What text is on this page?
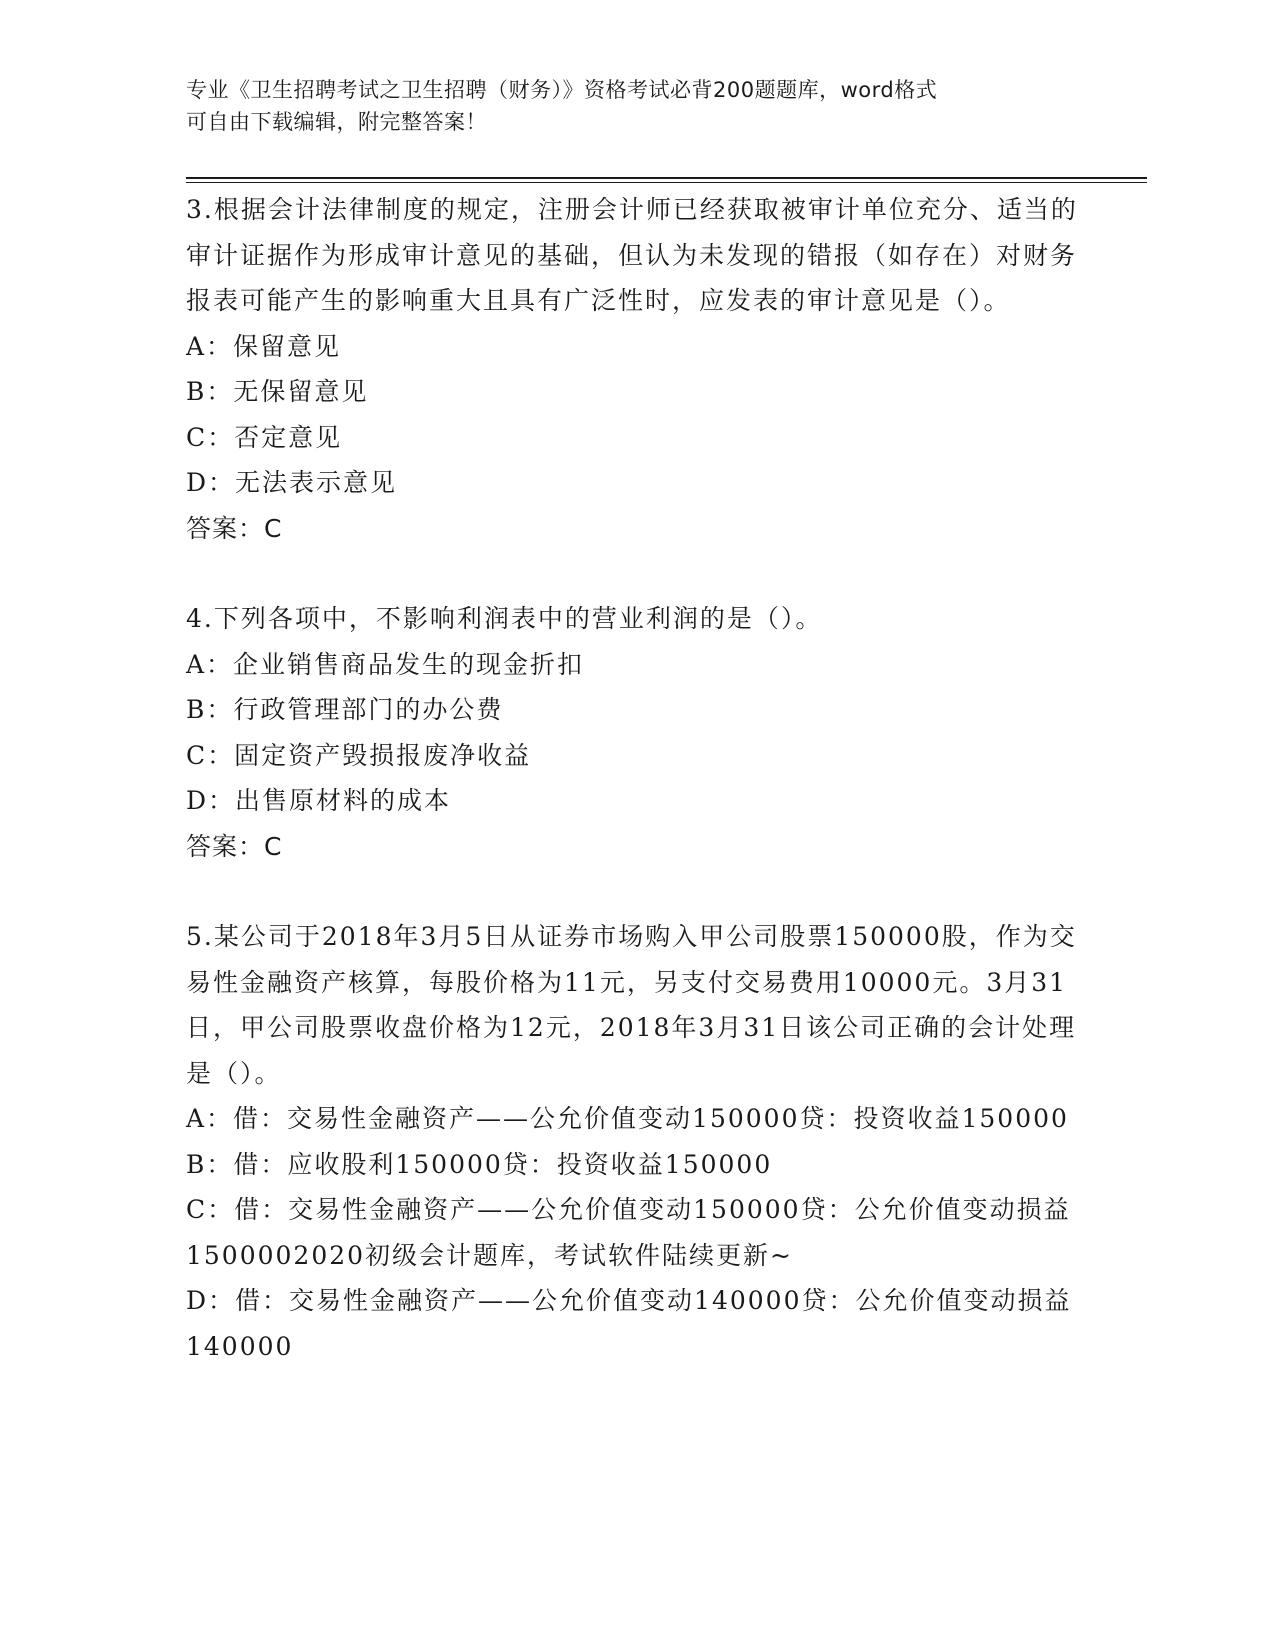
专业《卫生招聘考试之卫生招聘（财务）》资格考试必背200题题库，word格式
可自由下载编辑，附完整答案！
3.根据会计法律制度的规定，注册会计师已经获取被审计单位充分、适当的审计证据作为形成审计意见的基础，但认为未发现的错报（如存在）对财务报表可能产生的影响重大且具有广泛性时，应发表的审计意见是（）。
A：保留意见
B：无保留意见
C：否定意见
D：无法表示意见
答案：C
4.下列各项中，不影响利润表中的营业利润的是（）。
A：企业销售商品发生的现金折扣
B：行政管理部门的办公费
C：固定资产毁损报废净收益
D：出售原材料的成本
答案：C
5.某公司于2018年3月5日从证券市场购入甲公司股票150000股，作为交易性金融资产核算，每股价格为11元，另支付交易费用10000元。3月31日，甲公司股票收盘价格为12元，2018年3月31日该公司正确的会计处理是（）。
A：借：交易性金融资产——公允价值变动150000贷：投资收益150000
B：借：应收股利150000贷：投资收益150000
C：借：交易性金融资产——公允价值变动150000贷：公允价值变动损益1500002020初级会计题库，考试软件陆续更新~
D：借：交易性金融资产——公允价值变动140000贷：公允价值变动损益140000
